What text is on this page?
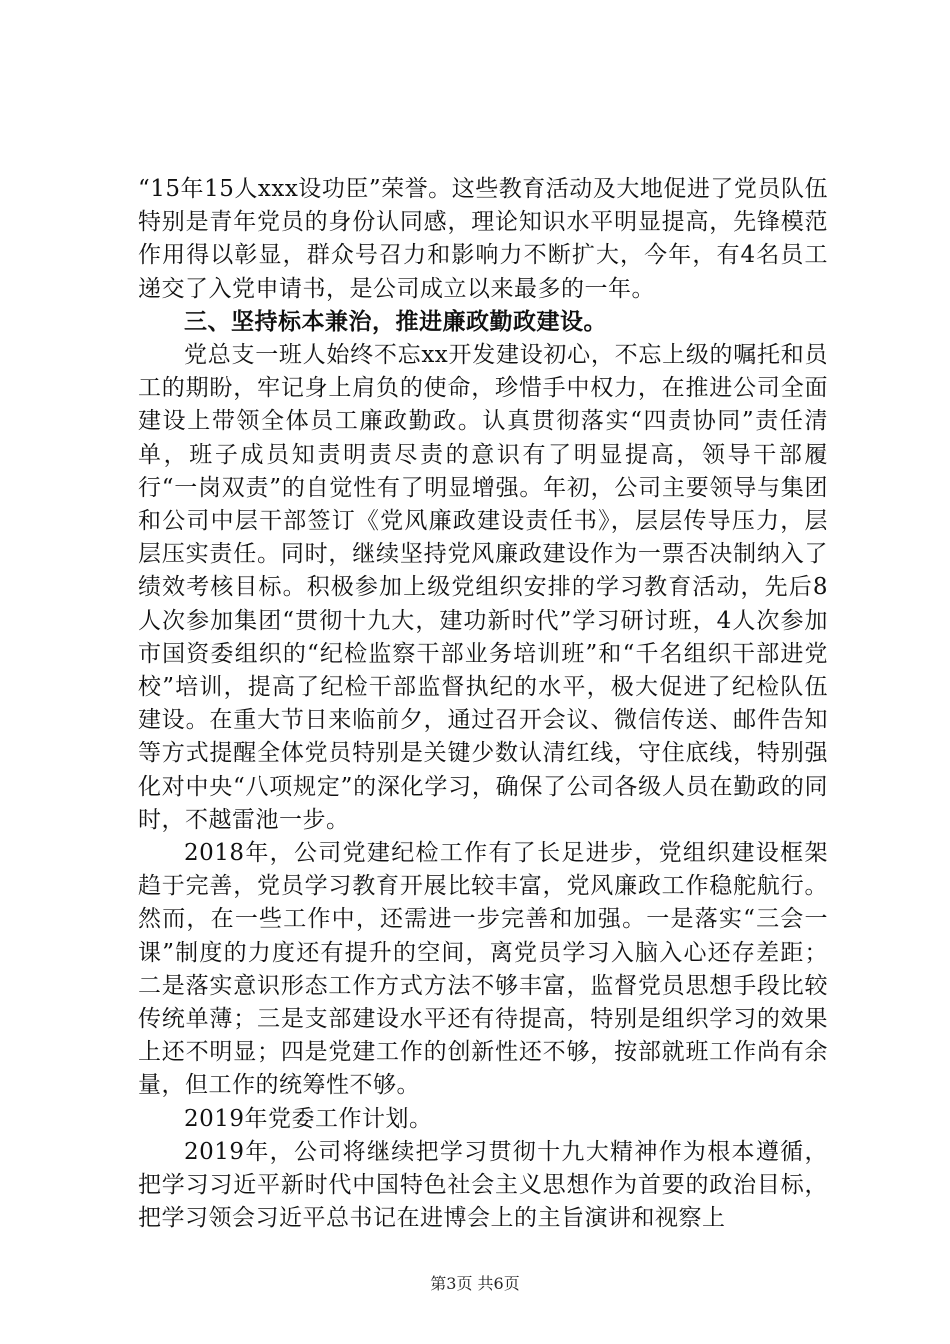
“15年15人xxx设功臣”荣誉。这些教育活动及大地促进了党员队伍特别是青年党员的身份认同感，理论知识水平明显提高，先锋模范作用得以彰显，群众号召力和影响力不断扩大，今年，有4名员工递交了入党申请书，是公司成立以来最多的一年。

三、坚持标本兼治，推进廉政勤政建设。

党总支一班人始终不忘xx开发建设初心，不忘上级的嘱托和员工的期盼，牢记身上肩负的使命，珍惜手中权力，在推进公司全面建设上带领全体员工廉政勤政。认真贯彻落实“四责协同”责任清单，班子成员知责明责尽责的意识有了明显提高，领导干部履行“一岗双责”的自觉性有了明显增强。年初，公司主要领导与集团和公司中层干部签订《党风廉政建设责任书》，层层传导压力，层层压实责任。同时，继续坚持党风廉政建设作为一票否决制纳入了绩效考核目标。积极参加上级党组织安排的学习教育活动，先后8人次参加集团“贯彻十九大，建功新时代”学习研讨班，4人次参加市国资委组织的“纪检监察干部业务培训班”和“千名组织干部进党校”培训，提高了纪检干部监督执纪的水平，极大促进了纪检队伍建设。在重大节日来临前夕，通过召开会议、微信传送、邮件告知等方式提醒全体党员特别是关键少数认清红线，守住底线，特别强化对中央“八项规定”的深化学习，确保了公司各级人员在勤政的同时，不越雷池一步。

2018年，公司党建纪检工作有了长足进步，党组织建设框架趋于完善，党员学习教育开展比较丰富，党风廉政工作稳舵航行。然而，在一些工作中，还需进一步完善和加强。一是落实“三会一课”制度的力度还有提升的空间，离党员学习入脑入心还存差距；二是落实意识形态工作方式方法不够丰富，监督党员思想手段比较传统单薄；三是支部建设水平还有待提高，特别是组织学习的效果上还不明显；四是党建工作的创新性还不够，按部就班工作尚有余量，但工作的统筹性不够。

2019年党委工作计划。

2019年，公司将继续把学习贯彻十九大精神作为根本遵循，把学习习近平新时代中国特色社会主义思想作为首要的政治目标，把学习领会习近平总书记在进博会上的主旨演讲和视察上

第3页 共6页
